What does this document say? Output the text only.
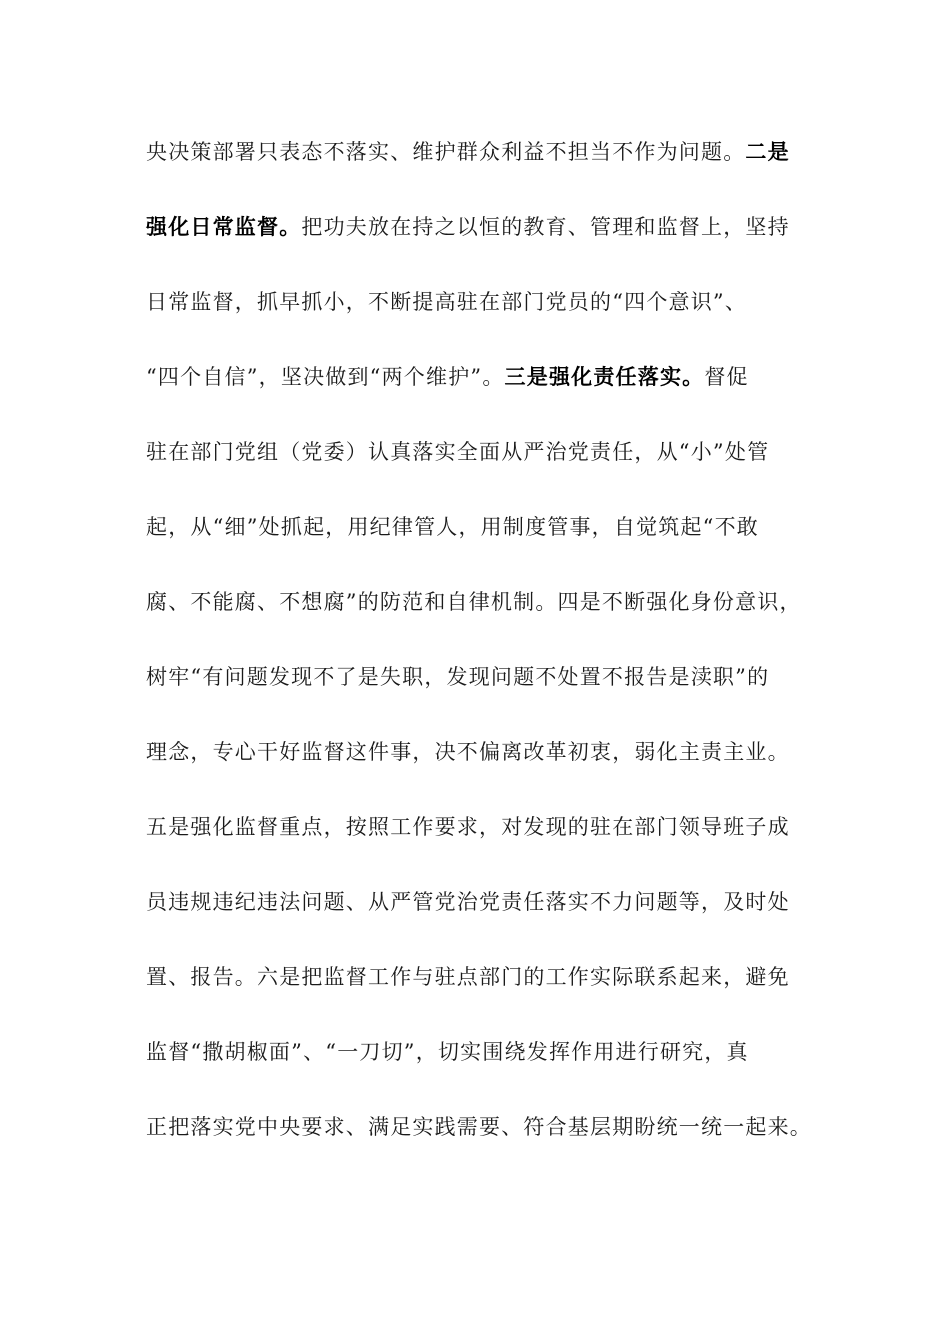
央决策部署只表态不落实、维护群众利益不担当不作为问题。二是
强化日常监督。把功夫放在持之以恒的教育、管理和监督上，坚持
日常监督，抓早抓小，不断提高驻在部门党员的“四个意识”、
“四个自信”，坚决做到“两个维护”。三是强化责任落实。督促
驻在部门党组（党委）认真落实全面从严治党责任，从“小”处管
起，从“细”处抓起，用纪律管人，用制度管事，自觉筑起“不敢
腐、不能腐、不想腐”的防范和自律机制。四是不断强化身份意识，
树牢“有问题发现不了是失职，发现问题不处置不报告是渎职”的
理念，专心干好监督这件事，决不偏离改革初衷，弱化主责主业。
五是强化监督重点，按照工作要求，对发现的驻在部门领导班子成
员违规违纪违法问题、从严管党治党责任落实不力问题等，及时处
置、报告。六是把监督工作与驻点部门的工作实际联系起来，避免
监督“撒胡椒面”、“一刀切”，切实围绕发挥作用进行研究，真
正把落实党中央要求、满足实践需要、符合基层期盼统一统一起来。
